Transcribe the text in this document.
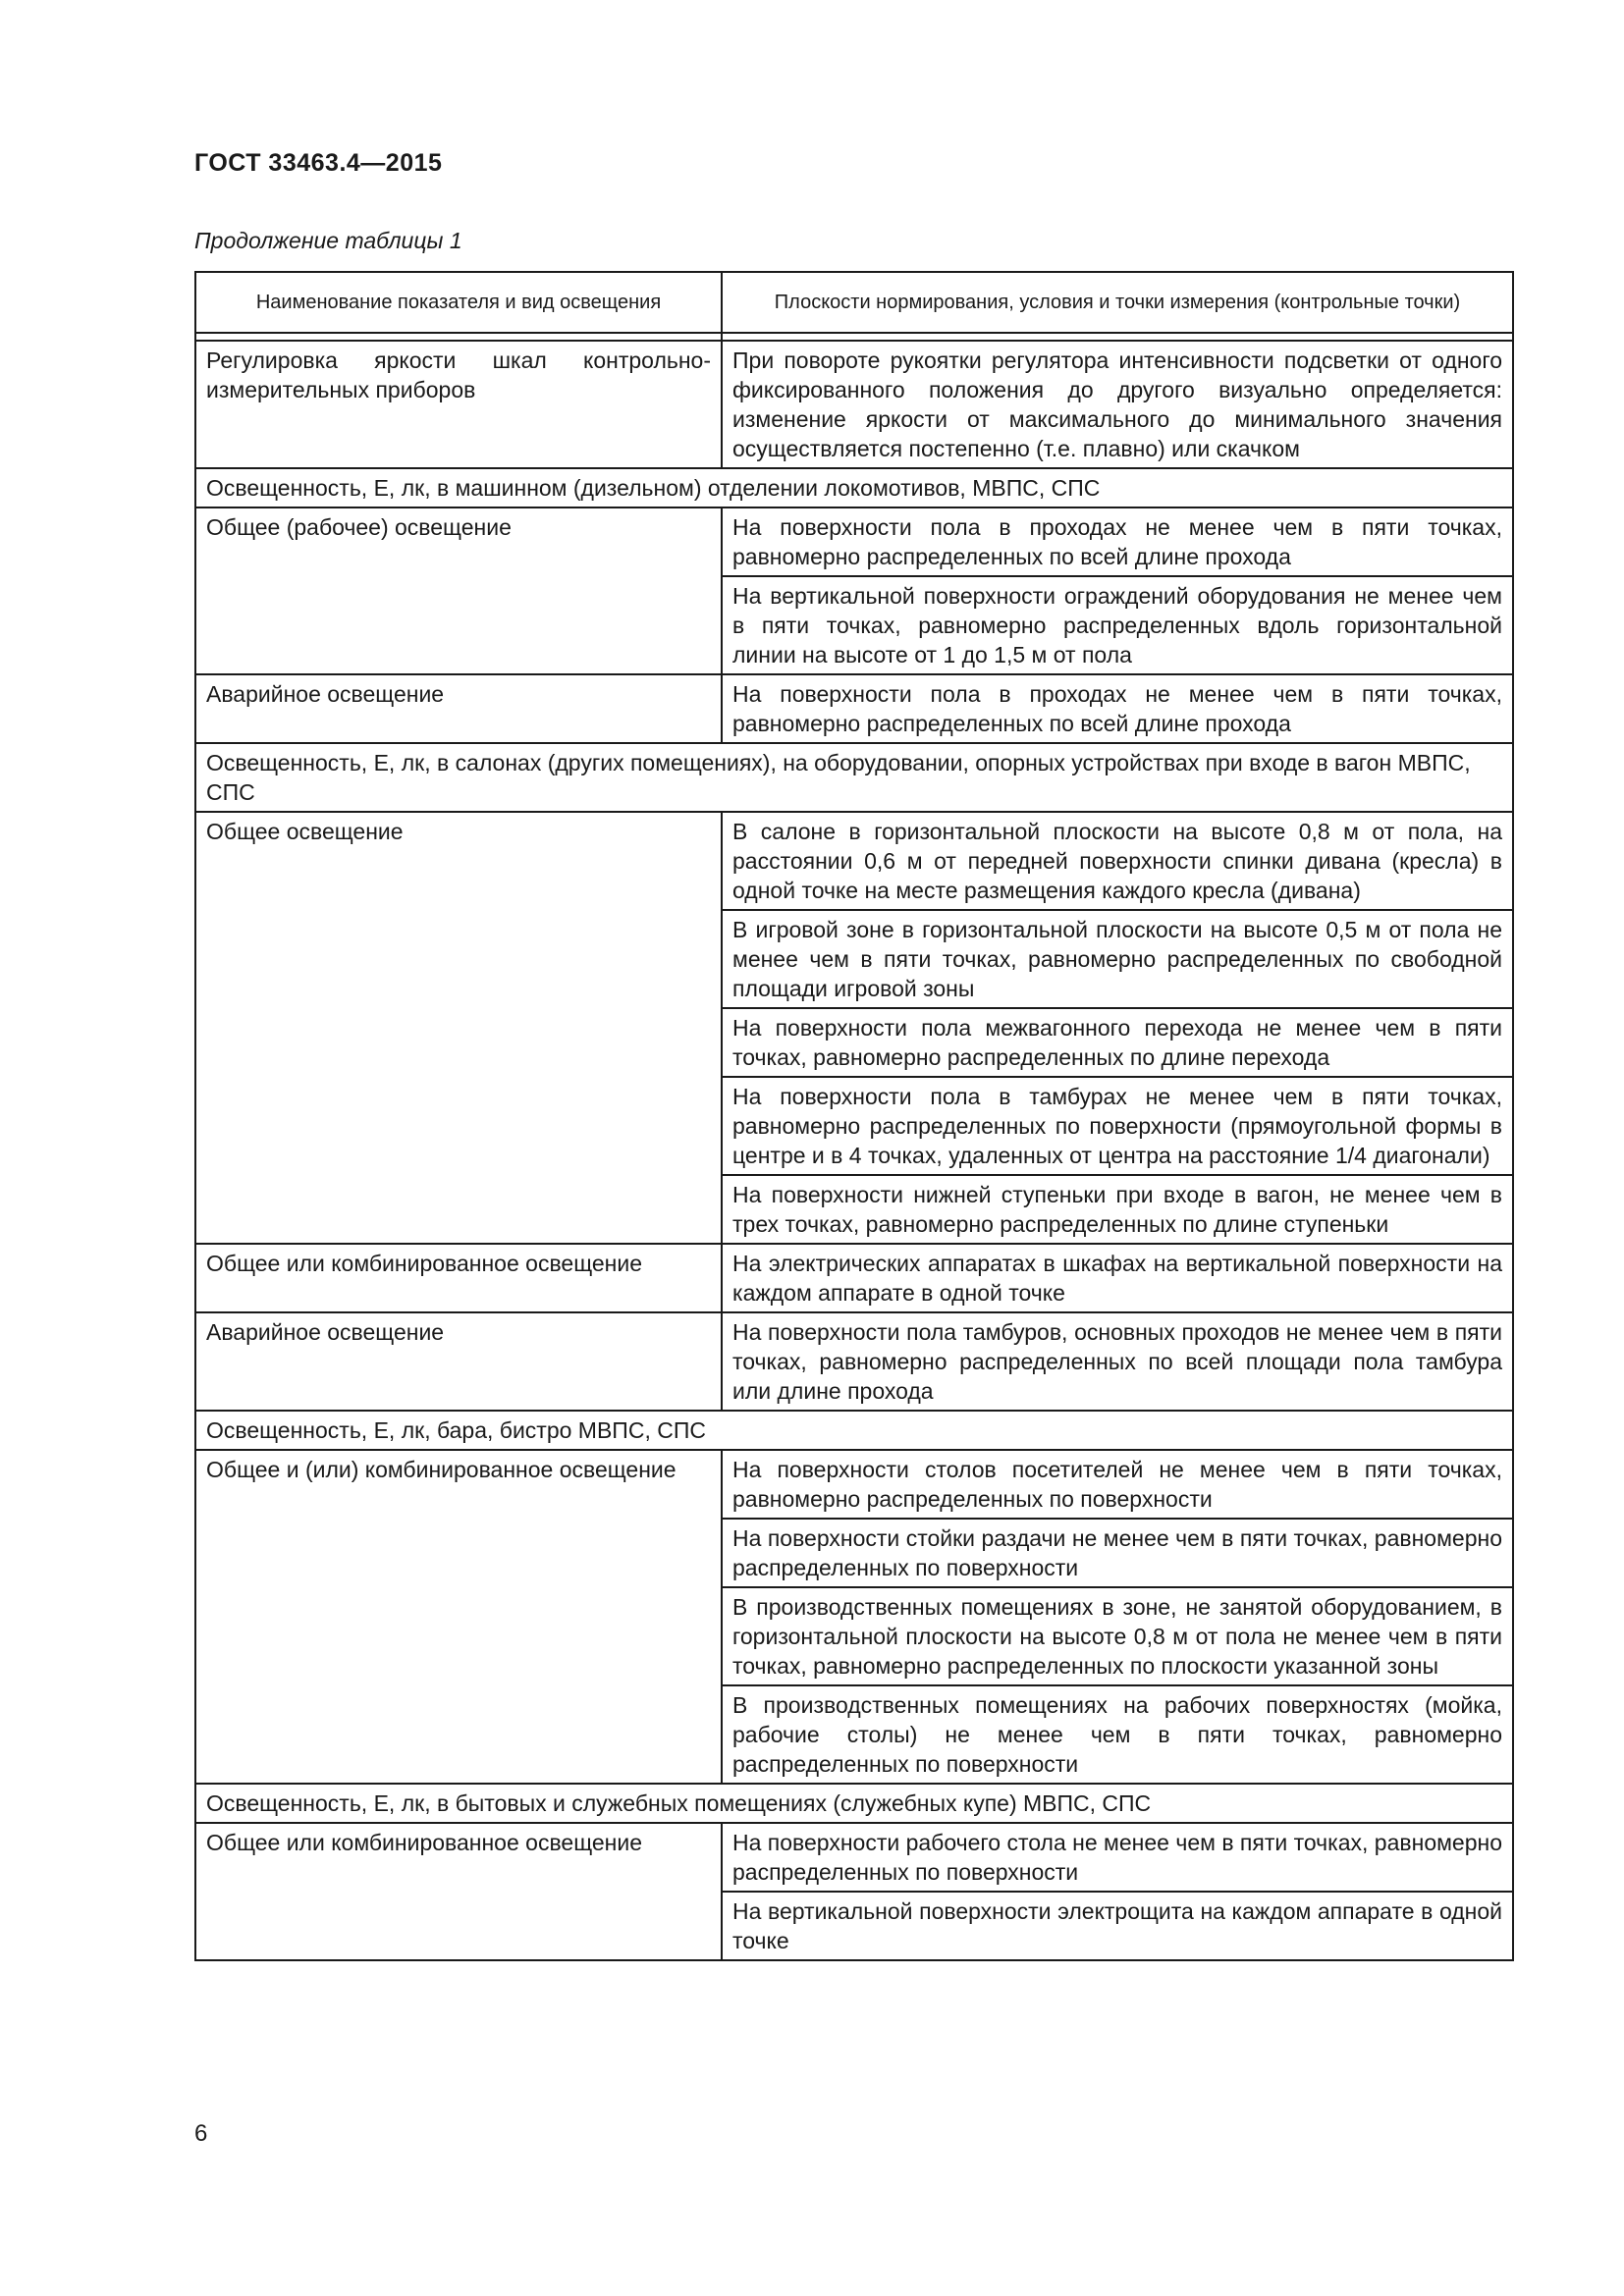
ГОСТ 33463.4—2015
Продолжение таблицы 1
Наименование показателя и вид освещения	Плоскости нормирования, условия и точки измерения (контрольные точки)

Регулировка яркости шкал контрольно-измерительных приборов	При повороте рукоятки регулятора интенсивности подсветки от одного фиксированного положения до другого визуально определяется: изменение яркости от максимального до минимального значения осуществляется постепенно (т.е. плавно) или скачком
Освещенность, Е, лк, в машинном (дизельном) отделении локомотивов, МВПС, СПС	
Общее (рабочее) освещение	На поверхности пола в проходах не менее чем в пяти точках, равномерно распределенных по всей длине прохода
	На вертикальной поверхности ограждений оборудования не менее чем в пяти точках, равномерно распределенных вдоль горизонтальной линии на высоте от 1 до 1,5 м от пола
Аварийное освещение	На поверхности пола в проходах не менее чем в пяти точках, равномерно распределенных по всей длине прохода
Освещенность, Е, лк, в салонах (других помещениях), на оборудовании, опорных устройствах при входе в вагон МВПС, СПС	
Общее освещение	В салоне в горизонтальной плоскости на высоте 0,8 м от пола, на расстоянии 0,6 м от передней поверхности спинки дивана (кресла) в одной точке на месте размещения каждого кресла (дивана)
	В игровой зоне в горизонтальной плоскости на высоте 0,5 м от пола не менее чем в пяти точках, равномерно распределенных по свободной площади игровой зоны
	На поверхности пола межвагонного перехода не менее чем в пяти точках, равномерно распределенных по длине перехода
	На поверхности пола в тамбурах не менее чем в пяти точках, равномерно распределенных по поверхности (прямоугольной формы в центре и в 4 точках, удаленных от центра на расстояние 1/4 диагонали)
	На поверхности нижней ступеньки при входе в вагон, не менее чем в трех точках, равномерно распределенных по длине ступеньки
Общее или комбинированное освещение	На электрических аппаратах в шкафах на вертикальной поверхности на каждом аппарате в одной точке
Аварийное освещение	На поверхности пола тамбуров, основных проходов не менее чем в пяти точках, равномерно распределенных по всей площади пола тамбура или длине прохода
Освещенность, Е, лк, бара, бистро МВПС, СПС	
Общее и (или) комбинированное освещение	На поверхности столов посетителей не менее чем в пяти точках, равномерно распределенных по поверхности
	На поверхности стойки раздачи не менее чем в пяти точках, равномерно распределенных по поверхности
	В производственных помещениях в зоне, не занятой оборудованием, в горизонтальной плоскости на высоте 0,8 м от пола не менее чем в пяти точках, равномерно распределенных по плоскости указанной зоны
	В производственных помещениях на рабочих поверхностях (мойка, рабочие столы) не менее чем в пяти точках, равномерно распределенных по поверхности
Освещенность, Е, лк, в бытовых и служебных помещениях (служебных купе) МВПС, СПС	
Общее или комбинированное освещение	На поверхности рабочего стола не менее чем в пяти точках, равномерно распределенных по поверхности
	На вертикальной поверхности электрощита на каждом аппарате в одной точке
6
